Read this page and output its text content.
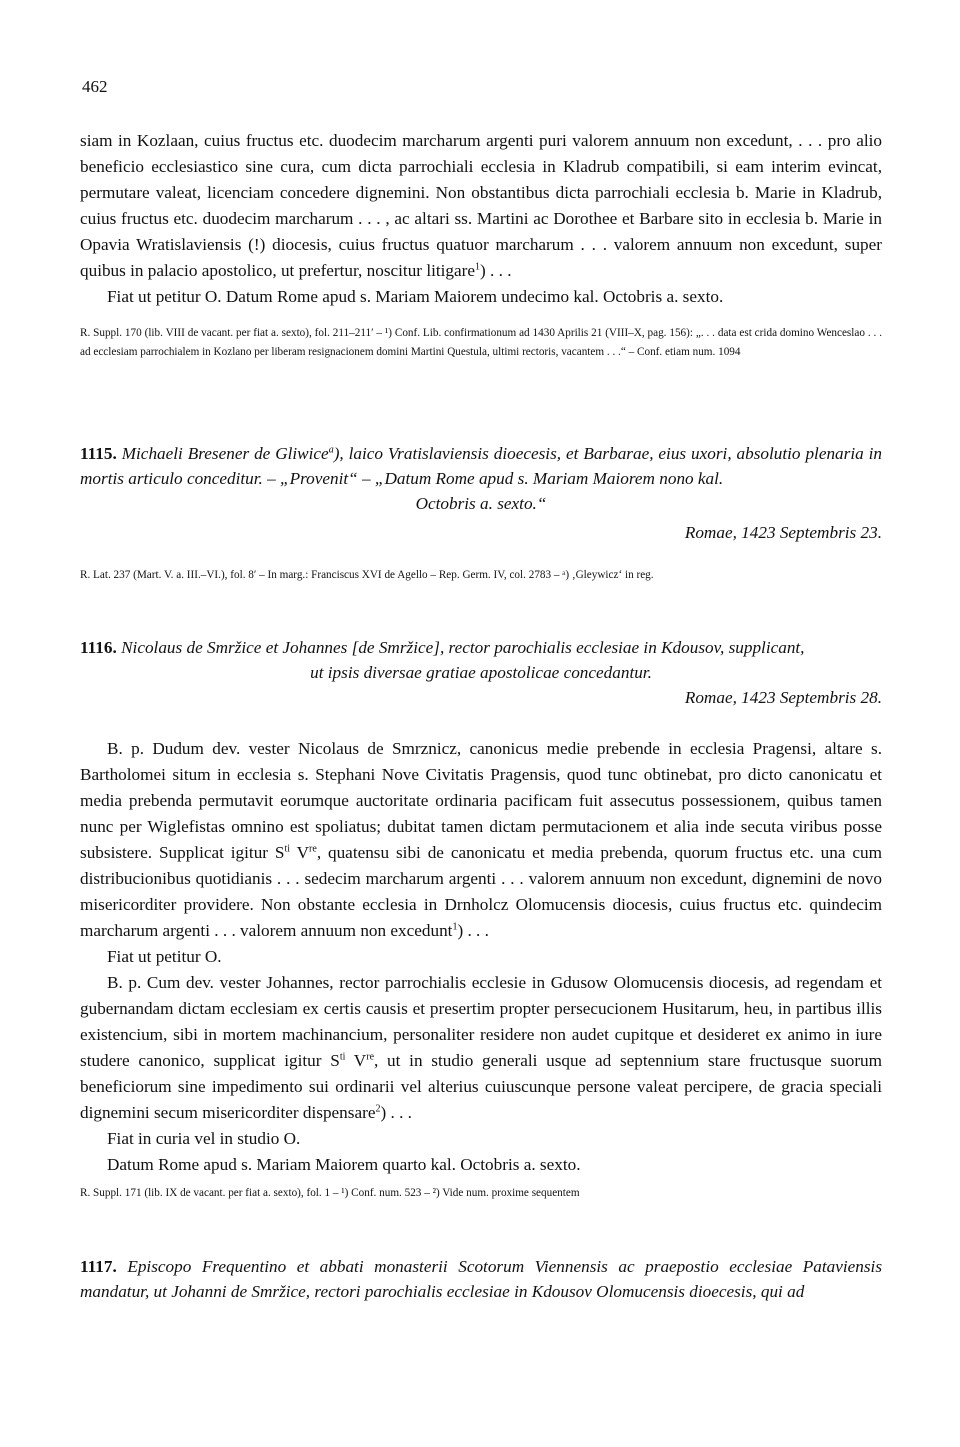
462

siam in Kozlaan, cuius fructus etc. duodecim marcharum argenti puri valorem annuum non excedunt, . . . pro alio beneficio ecclesiastico sine cura, cum dicta parrochiali ecclesia in Kladrub compatibili, si eam interim evincat, permutare valeat, licenciam concedere dignemini. Non obstantibus dicta parrochiali ecclesia b. Marie in Kladrub, cuius fructus etc. duodecim marcharum . . . , ac altari ss. Martini ac Dorothee et Barbare sito in ecclesia b. Marie in Opavia Wratislaviensis (!) diocesis, cuius fructus quatuor marcharum . . . valorem annuum non excedunt, super quibus in palacio apostolico, ut prefertur, noscitur litigare$^1$) . . .

Fiat ut petitur O. Datum Rome apud s. Mariam Maiorem undecimo kal. Octobris a. sexto.

R. Suppl. 170 (lib. VIII de vacant. per fiat a. sexto), fol. 211–211′ – ¹) Conf. Lib. confirmationum ad 1430 Aprilis 21 (VIII–X, pag. 156): „. . . data est crida domino Wenceslao . . . ad ecclesiam parrochialem in Kozlano per liberam resignacionem domini Martini Questula, ultimi rectoris, vacantem . . .“ – Conf. etiam num. 1094

1115. Michaeli Bresener de Gliwice$^a$), laico Vratislaviensis dioecesis, et Barbarae, eius uxori, absolutio plenaria in mortis articulo conceditur. – „Provenit“ – „Datum Rome apud s. Mariam Maiorem nono kal.
Octobris a. sexto.“
Romae, 1423 Septembris 23.

R. Lat. 237 (Mart. V. a. III.–VI.), fol. 8′ – In marg.: Franciscus XVI de Agello – Rep. Germ. IV, col. 2783 – ᵃ) ‚Gleywicz‘ in reg.

1116. Nicolaus de Smržice et Johannes [de Smržice], rector parochialis ecclesiae in Kdousov, supplicant,
ut ipsis diversae gratiae apostolicae concedantur.
Romae, 1423 Septembris 28.

B. p. Dudum dev. vester Nicolaus de Smrznicz, canonicus medie prebende in ecclesia Pragensi, altare s. Bartholomei situm in ecclesia s. Stephani Nove Civitatis Pragensis, quod tunc obtinebat, pro dicto canonicatu et media prebenda permutavit eorumque auctoritate ordinaria pacificam fuit assecutus possessionem, quibus tamen nunc per Wiglefistas omnino est spoliatus; dubitat tamen dictam permutacionem et alia inde secuta viribus posse subsistere. Supplicat igitur $S^{ti}$ Vre, quatensu sibi de canonicatu et media prebenda, quorum fructus etc. una cum distribucionibus quotidianis . . . sedecim marcharum argenti . . . valorem annuum non excedunt, dignemini de novo misericorditer providere. Non obstante ecclesia in Drnholcz Olomucensis diocesis, cuius fructus etc. quindecim marcharum argenti . . . valorem annuum non excedunt$^1$) . . .

Fiat ut petitur O.

B. p. Cum dev. vester Johannes, rector parrochialis ecclesie in Gdusow Olomucensis diocesis, ad regendam et gubernandam dictam ecclesiam ex certis causis et presertim propter persecucionem Husitarum, heu, in partibus illis existencium, sibi in mortem machinancium, personaliter residere non audet cupitque et desideret ex animo in iure studere canonico, supplicat igitur $S^{ti}$ Vre, ut in studio generali usque ad septennium stare fructusque suorum beneficiorum sine impedimento sui ordinarii vel alterius cuiuscunque persone valeat percipere, de gracia speciali dignemini secum misericorditer dispensare$^2$) . . .

Fiat in curia vel in studio O.

Datum Rome apud s. Mariam Maiorem quarto kal. Octobris a. sexto.

R. Suppl. 171 (lib. IX de vacant. per fiat a. sexto), fol. 1 – ¹) Conf. num. 523 – ²) Vide num. proxime sequentem

1117. Episcopo Frequentino et abbati monasterii Scotorum Viennensis ac praepostio ecclesiae Pataviensis mandatur, ut Johanni de Smržice, rectori parochialis ecclesiae in Kdousov Olomucensis dioecesis, qui ad
